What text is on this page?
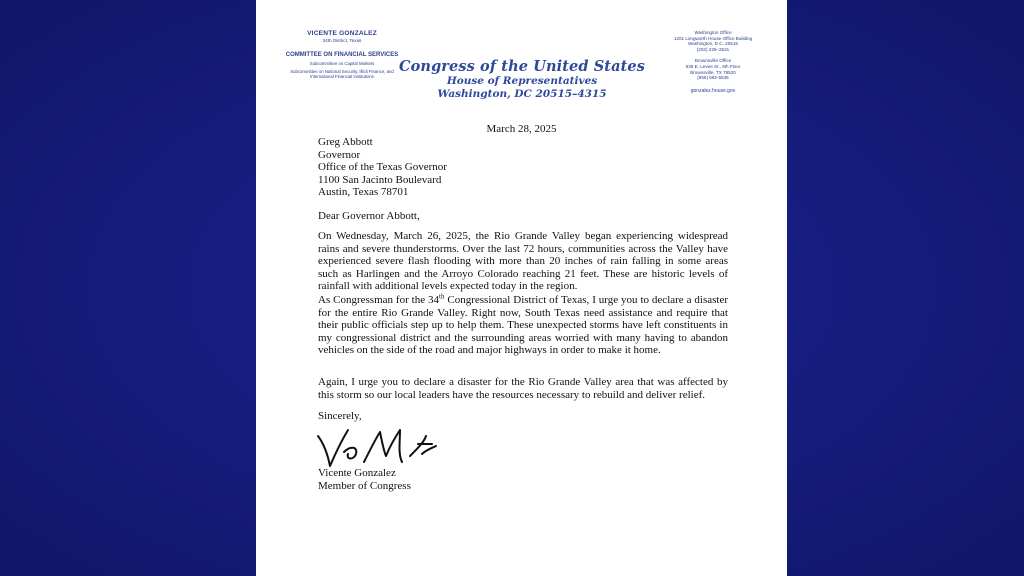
VICENTE GONZALEZ
34th District, Texas
COMMITTEE ON FINANCIAL SERVICES
Subcommittee on Capital Markets
Subcommittee on National Security, Illicit Finance, and International Financial Institutions
Congress of the United States
House of Representatives
Washington, DC 20515–4315
Washington Office
1201 Longworth House Office Building
Washington, D.C. 20515
(202) 225–2531
Brownsville Office
835 E. Levee St., 6th Floor
Brownsville, TX 78520
(956) 682-5545
gonzalez.house.gov
March 28, 2025
Greg Abbott
Governor
Office of the Texas Governor
1100 San Jacinto Boulevard
Austin, Texas 78701
Dear Governor Abbott,
On Wednesday, March 26, 2025, the Rio Grande Valley began experiencing widespread rains and severe thunderstorms. Over the last 72 hours, communities across the Valley have experienced severe flash flooding with more than 20 inches of rain falling in some areas such as Harlingen and the Arroyo Colorado reaching 21 feet. These are historic levels of rainfall with additional levels expected today in the region.
As Congressman for the 34th Congressional District of Texas, I urge you to declare a disaster for the entire Rio Grande Valley. Right now, South Texas need assistance and require that their public officials step up to help them. These unexpected storms have left constituents in my congressional district and the surrounding areas worried with many having to abandon vehicles on the side of the road and major highways in order to make it home.
Again, I urge you to declare a disaster for the Rio Grande Valley area that was affected by this storm so our local leaders have the resources necessary to rebuild and deliver relief.
Sincerely,
Vicente Gonzalez
Member of Congress
